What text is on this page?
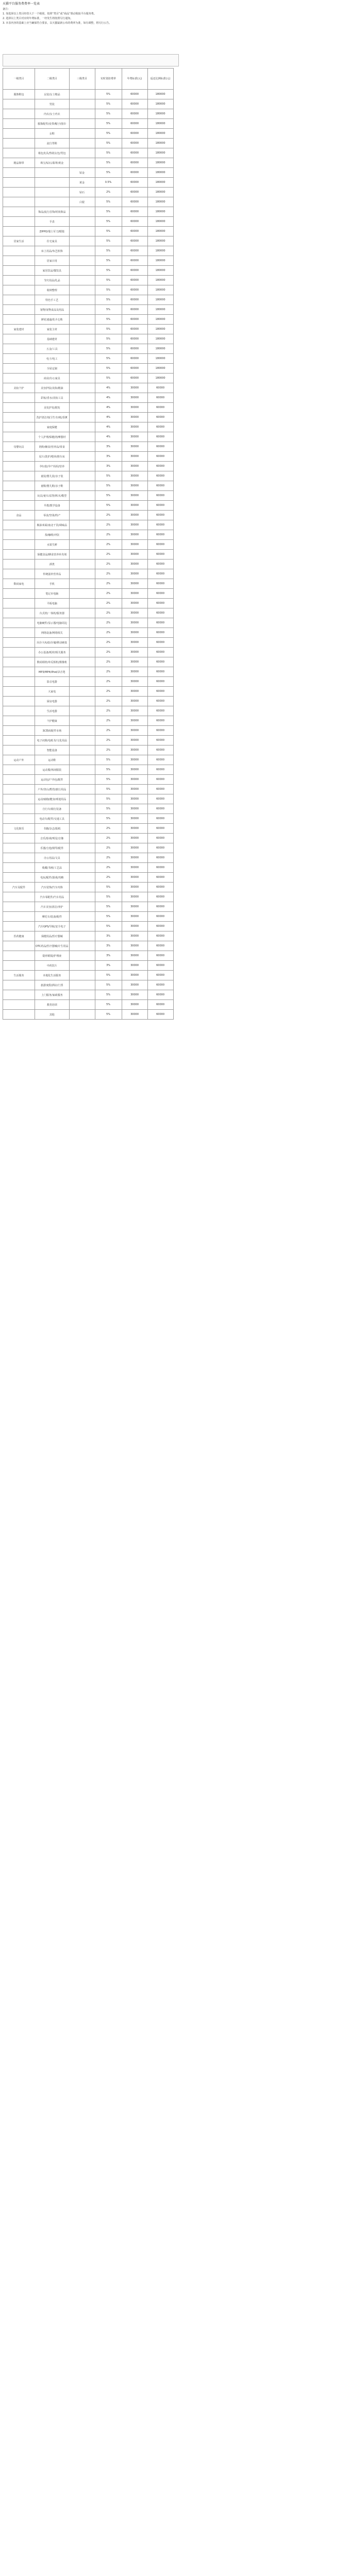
天猫平台服务费费率一览表

备注：

1. 如选择以上类目经营大于一个级别，按照“类目”或“商品”课动收取平台服务费。

2. 选择以上类目对应的年费标准，一经发生将按照另行通知。

3. 本表内容的基础上应当确保符合要求，以天猫最新公布的费率为准，如有调整，将另行公告。

一级类目	二级类目	三级类目	实时划扣费率	年费标准(元)	返还比例标准(元)
服饰鞋包	女装/女士精品		5%	60000	180000
	男装		5%	60000	180000
	内衣/女士内衣		5%	60000	180000
	服饰配件/皮带/帽子/围巾		5%	60000	180000
	女鞋		5%	60000	180000
	流行男鞋		5%	60000	180000
	箱包皮具/热销女包/男包		5%	60000	180000
精品饰带	珠宝/钻石/翡翠/黄金		5%	60000	180000
		铂金	5%	60000	180000
		黄金	0.5%	60000	180000
		钻石	2%	60000	180000
		白银	5%	60000	180000
	饰品/流行首饰/时尚饰品		5%	60000	180000
	手表		5%	60000	180000
	ZIPPO/瑞士军刀/眼镜		5%	60000	180000
居家生活	住宅家具		5%	60000	180000
	床上用品/布艺软饰		5%	60000	180000
	居家日用		5%	60000	180000
	家居饮品/餐饮具		5%	60000	180000
	节庆用品/礼品		5%	60000	180000
	收纳整理		5%	60000	180000
	特色手工艺		5%	60000	180000
	宠物/宠物食品及用品		5%	60000	180000
	鲜花速递/花卉仑株		5%	60000	180000
家装建材	家装主材		5%	60000	180000
	基础建材		5%	60000	180000
	五金/工具		5%	60000	180000
	电子/电工		5%	60000	180000
	全屋定制		5%	60000	180000
	商业/办公家具		5%	60000	180000
美妆个护	美容护肤/美体/精油		4%	30000	60000
	彩妆/香水/美妆工具		4%	30000	60000
	美发护发/假发		4%	30000	60000
	洗护清洁剂/卫生巾/纸/香薰		4%	30000	60000
	家庭保健		4%	30000	60000
	个人护理/保健/按摩器材		4%	30000	60000
母婴玩具	奶粉/辅食/营养品/零食		3%	30000	60000
	尿片/洗护/喂养/推车床		3%	30000	60000
	孕妇装/孕产妈妈/营养		3%	30000	60000
	童装/婴儿装/亲子装		5%	30000	60000
	童鞋/婴儿鞋/亲子鞋		5%	30000	60000
	玩具/童车/益智/积木/模型		5%	30000	60000
	早教/教学设备		5%	30000	60000
食品	零食/坚果/特产		2%	30000	60000
	粮油米面/南北干货/调味品		2%	30000	60000
	茶/咖啡/冲饮		2%	30000	60000
	水果生鲜		2%	30000	60000
	保健食品/膊食营养补充剂		2%	30000	60000
	酒类		2%	30000	60000
	传统滋补营养品		2%	30000	60000
数码家电	手机		2%	30000	60000
	笔记本电脑		2%	30000	60000
	平板电脑		2%	30000	60000
	台式机/一体机/服务器		2%	30000	60000
	电脑硬件/显示器/电脑周边		2%	30000	60000
	网络设备/网络相关		2%	30000	60000
	闪存卡/U盘/存储/移动硬盘		2%	30000	60000
	办公设备/耗材/相关服务		2%	30000	60000
	数码相机/单反相机/摄像机		2%	30000	60000
	MP3/MP4/iPod/录音笔		2%	30000	60000
	影音电器		2%	30000	60000
	大家电		2%	30000	60000
	厨房电器		2%	30000	60000
	生活电器		2%	30000	60000
	个护健康		2%	30000	60000
	3C数码配件市场		2%	30000	60000
	电子词典/电纸书/文化用品		2%	30000	60000
	智能设备		2%	30000	60000
运动户外	运动鞋		5%	30000	60000
	运动服/休闲服装		5%	30000	60000
	运动包/户外包/配件		5%	30000	60000
	户外/登山/野营/旅行用品		5%	30000	60000
	运动/瑜伽/健身/球迷用品		5%	30000	60000
	自行车/骑行装备		5%	30000	60000
	电动车/配件/交通工具		5%	30000	60000
文化娱乐	书籍/杂志/报纸		2%	30000	60000
	音乐/影视/明星/音像		2%	30000	60000
	乐器/吉他/钢琴/配件		2%	30000	60000
	办公用品/文具		2%	30000	60000
	收藏/书画/工艺品		2%	30000	60000
	电玩/配件/游戏/攻略		2%	30000	60000
汽车及配件	汽车装饰/汽车内饰		5%	30000	60000
	汽车零配件/汽车用品		5%	30000	60000
	汽车美容/清洁/养护		5%	30000	60000
	摩托车/装备/配件		5%	30000	60000
	汽车GPS/导航/安全电子		5%	30000	60000
医药健康	保健用品/医疗器械		3%	30000	60000
	OTC药品/医疗器械/计生用品		3%	30000	60000
	隐形眼镜/护理液		3%	30000	60000
	中药饮片		3%	30000	60000
生活服务	本地化生活服务		5%	30000	60000
	旅游度假/酒店/门票		5%	30000	60000
	上门服务/家政服务		5%	30000	60000
	教育培训		5%	30000	60000
	其他		5%	30000	60000
